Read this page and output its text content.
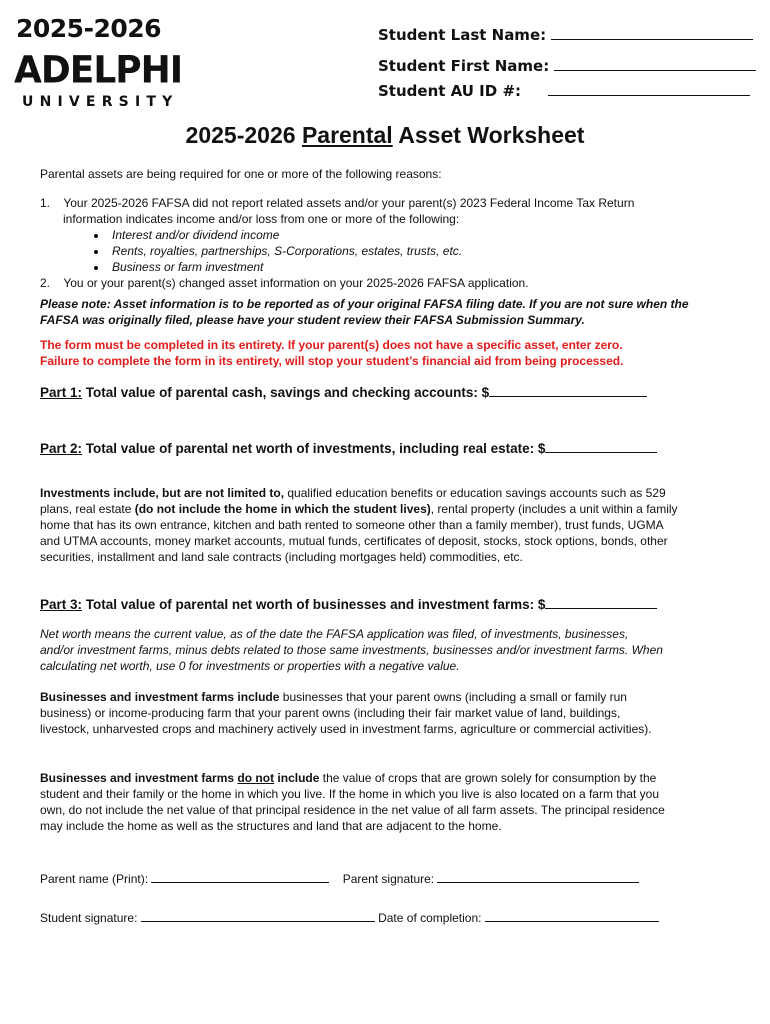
2025-2026
ADELPHI
UNIVERSITY
Student Last Name:
Student First Name:
Student AU ID #:
2025-2026 Parental Asset Worksheet
Parental assets are being required for one or more of the following reasons:
1. Your 2025-2026 FAFSA did not report related assets and/or your parent(s) 2023 Federal Income Tax Return
information indicates income and/or loss from one or more of the following:
• Interest and/or dividend income
• Rents, royalties, partnerships, S-Corporations, estates, trusts, etc.
• Business or farm investment
2. You or your parent(s) changed asset information on your 2025-2026 FAFSA application.
Please note: Asset information is to be reported as of your original FAFSA filing date. If you are not sure when the FAFSA was originally filed, please have your student review their FAFSA Submission Summary.
The form must be completed in its entirety. If your parent(s) does not have a specific asset, enter zero.
Failure to complete the form in its entirety, will stop your student’s financial aid from being processed.
Part 1: Total value of parental cash, savings and checking accounts: $
Part 2: Total value of parental net worth of investments, including real estate: $
Investments include, but are not limited to, qualified education benefits or education savings accounts such as 529 plans, real estate (do not include the home in which the student lives), rental property (includes a unit within a family home that has its own entrance, kitchen and bath rented to someone other than a family member), trust funds, UGMA and UTMA accounts, money market accounts, mutual funds, certificates of deposit, stocks, stock options, bonds, other securities, installment and land sale contracts (including mortgages held) commodities, etc.
Part 3: Total value of parental net worth of businesses and investment farms: $
Net worth means the current value, as of the date the FAFSA application was filed, of investments, businesses, and/or investment farms, minus debts related to those same investments, businesses and/or investment farms. When calculating net worth, use 0 for investments or properties with a negative value.
Businesses and investment farms include businesses that your parent owns (including a small or family run business) or income-producing farm that your parent owns (including their fair market value of land, buildings, livestock, unharvested crops and machinery actively used in investment farms, agriculture or commercial activities).
Businesses and investment farms do not include the value of crops that are grown solely for consumption by the student and their family or the home in which you live. If the home in which you live is also located on a farm that you own, do not include the net value of that principal residence in the net value of all farm assets. The principal residence may include the home as well as the structures and land that are adjacent to the home.
Parent name (Print):	Parent signature:
Student signature:	Date of completion:
